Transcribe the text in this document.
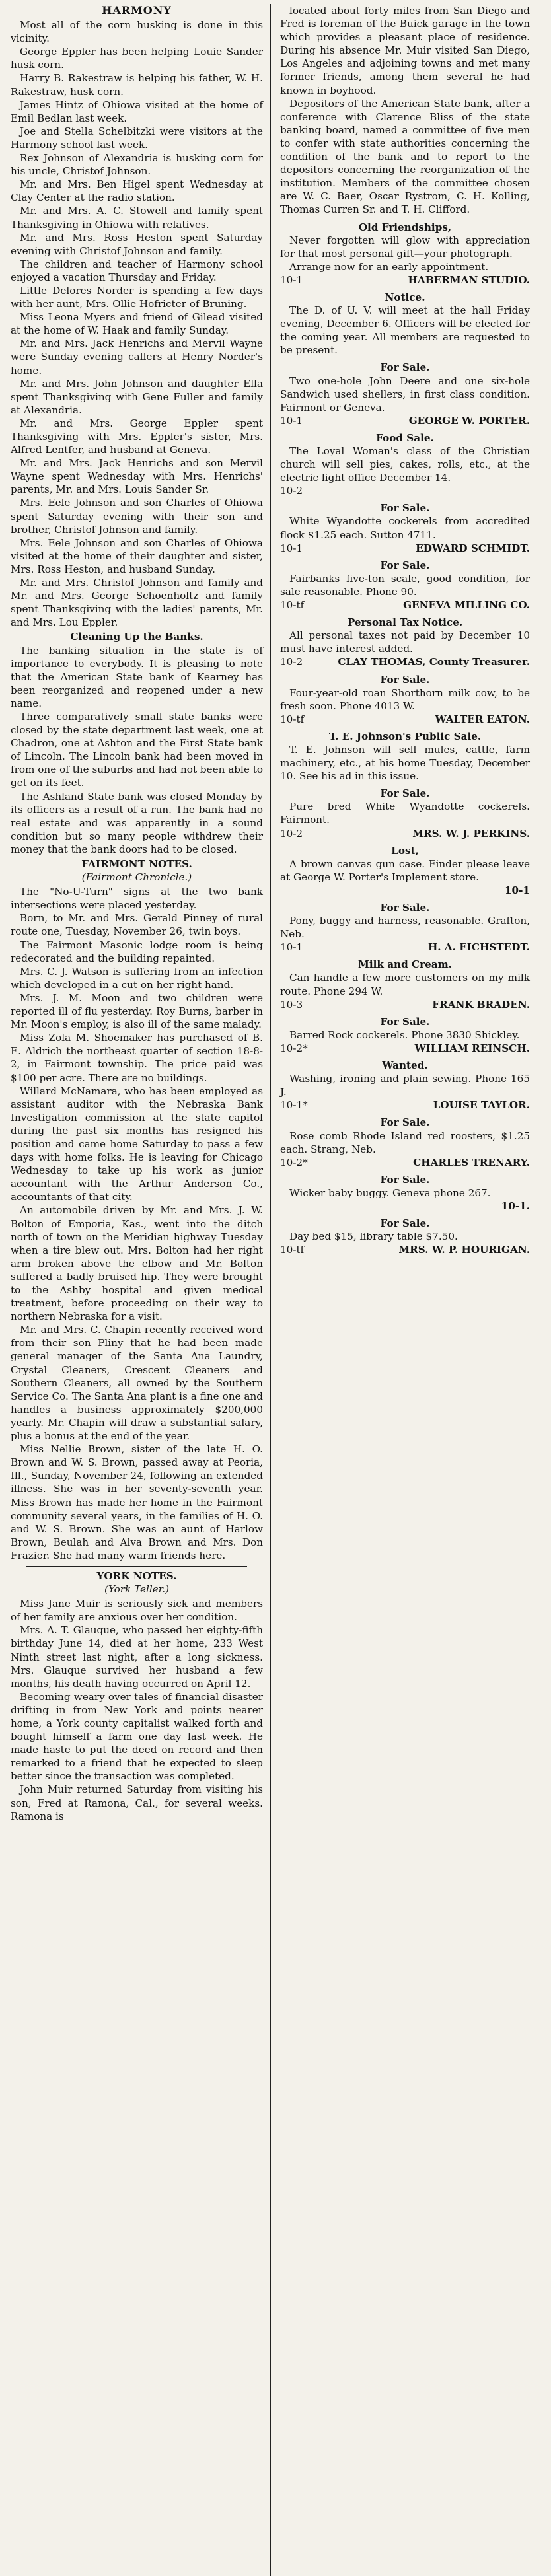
HARMONY

Most all of the corn husking is done in this vicinity.

George Eppler has been helping Louie Sander husk corn.

Harry B. Rakestraw is helping his father, W. H. Rakestraw, husk corn.

James Hintz of Ohiowa visited at the home of Emil Bedlan last week.

Joe and Stella Schelbitzki were visitors at the Harmony school last week.

Rex Johnson of Alexandria is husking corn for his uncle, Christof Johnson.

Mr. and Mrs. Ben Higel spent Wednesday at Clay Center at the radio station.

Mr. and Mrs. A. C. Stowell and family spent Thanksgiving in Ohiowa with relatives.

Mr. and Mrs. Ross Heston spent Saturday evening with Christof Johnson and family.

The children and teacher of Harmony school enjoyed a vacation Thursday and Friday.

Little Delores Norder is spending a few days with her aunt, Mrs. Ollie Hofricter of Bruning.

Miss Leona Myers and friend of Gilead visited at the home of W. Haak and family Sunday.

Mr. and Mrs. Jack Henrichs and Mervil Wayne were Sunday evening callers at Henry Norder's home.

Mr. and Mrs. John Johnson and daughter Ella spent Thanksgiving with Gene Fuller and family at Alexandria.

Mr. and Mrs. George Eppler spent Thanksgiving with Mrs. Eppler's sister, Mrs. Alfred Lentfer, and husband at Geneva.

Mr. and Mrs. Jack Henrichs and son Mervil Wayne spent Wednesday with Mrs. Henrichs' parents, Mr. and Mrs. Louis Sander Sr.

Mrs. Eele Johnson and son Charles of Ohiowa spent Saturday evening with their son and brother, Christof Johnson and family.

Mrs. Eele Johnson and son Charles of Ohiowa visited at the home of their daughter and sister, Mrs. Ross Heston, and husband Sunday.

Mr. and Mrs. Christof Johnson and family and Mr. and Mrs. George Schoenholtz and family spent Thanksgiving with the ladies' parents, Mr. and Mrs. Lou Eppler.

Cleaning Up the Banks.

The banking situation in the state is of importance to everybody. It is pleasing to note that the American State bank of Kearney has been reorganized and reopened under a new name.

Three comparatively small state banks were closed by the state department last week, one at Chadron, one at Ashton and the First State bank of Lincoln. The Lincoln bank had been moved in from one of the suburbs and had not been able to get on its feet.

The Ashland State bank was closed Monday by its officers as a result of a run. The bank had no real estate and was apparently in a sound condition but so many people withdrew their money that the bank doors had to be closed.

FAIRMONT NOTES.
(Fairmont Chronicle.)

The "No-U-Turn" signs at the two bank intersections were placed yesterday.

Born, to Mr. and Mrs. Gerald Pinney of rural route one, Tuesday, November 26, twin boys.

The Fairmont Masonic lodge room is being redecorated and the building repainted.

Mrs. C. J. Watson is suffering from an infection which developed in a cut on her right hand.

Mrs. J. M. Moon and two children were reported ill of flu yesterday. Roy Burns, barber in Mr. Moon's employ, is also ill of the same malady.

Miss Zola M. Shoemaker has purchased of B. E. Aldrich the northeast quarter of section 18-8-2, in Fairmont township. The price paid was $100 per acre. There are no buildings.

Willard McNamara, who has been employed as assistant auditor with the Nebraska Bank Investigation commission at the state capitol during the past six months has resigned his position and came home Saturday to pass a few days with home folks. He is leaving for Chicago Wednesday to take up his work as junior accountant with the Arthur Anderson Co., accountants of that city.

An automobile driven by Mr. and Mrs. J. W. Bolton of Emporia, Kas., went into the ditch north of town on the Meridian highway Tuesday when a tire blew out. Mrs. Bolton had her right arm broken above the elbow and Mr. Bolton suffered a badly bruised hip. They were brought to the Ashby hospital and given medical treatment, before proceeding on their way to northern Nebraska for a visit.

Mr. and Mrs. C. Chapin recently received word from their son Pliny that he had been made general manager of the Santa Ana Laundry, Crystal Cleaners, Crescent Cleaners and Southern Cleaners, all owned by the Southern Service Co. The Santa Ana plant is a fine one and handles a business approximately $200,000 yearly. Mr. Chapin will draw a substantial salary, plus a bonus at the end of the year.

Miss Nellie Brown, sister of the late H. O. Brown and W. S. Brown, passed away at Peoria, Ill., Sunday, November 24, following an extended illness. She was in her seventy-seventh year. Miss Brown has made her home in the Fairmont community several years, in the families of H. O. and W. S. Brown. She was an aunt of Harlow Brown, Beulah and Alva Brown and Mrs. Don Frazier. She had many warm friends here.

YORK NOTES.
(York Teller.)

Miss Jane Muir is seriously sick and members of her family are anxious over her condition.

Mrs. A. T. Glauque, who passed her eighty-fifth birthday June 14, died at her home, 233 West Ninth street last night, after a long sickness. Mrs. Glauque survived her husband a few months, his death having occurred on April 12.

Becoming weary over tales of financial disaster drifting in from New York and points nearer home, a York county capitalist walked forth and bought himself a farm one day last week. He made haste to put the deed on record and then remarked to a friend that he expected to sleep better since the transaction was completed.

John Muir returned Saturday from visiting his son, Fred at Ramona, Cal., for several weeks. Ramona is

located about forty miles from San Diego and Fred is foreman of the Buick garage in the town which provides a pleasant place of residence. During his absence Mr. Muir visited San Diego, Los Angeles and adjoining towns and met many former friends, among them several he had known in boyhood.

Depositors of the American State bank, after a conference with Clarence Bliss of the state banking board, named a committee of five men to confer with state authorities concerning the condition of the bank and to report to the depositors concerning the reorganization of the institution. Members of the committee chosen are W. C. Baer, Oscar Rystrom, C. H. Kolling, Thomas Curren Sr. and T. H. Clifford.

Old Friendships,

Never forgotten will glow with appreciation for that most personal gift—your photograph.

Arrange now for an early appointment.

10-1	HABERMAN STUDIO.
Notice.

The D. of U. V. will meet at the hall Friday evening, December 6. Officers will be elected for the coming year. All members are requested to be present.

For Sale.

Two one-hole John Deere and one six-hole Sandwich used shellers, in first class condition. Fairmont or Geneva.

10-1	GEORGE W. PORTER.
Food Sale.

The Loyal Woman's class of the Christian church will sell pies, cakes, rolls, etc., at the electric light office December 14.

10-2
For Sale.

White Wyandotte cockerels from accredited flock $1.25 each. Sutton 4711.

10-1	EDWARD SCHMIDT.
For Sale.

Fairbanks five-ton scale, good condition, for sale reasonable. Phone 90.

10-tf	GENEVA MILLING CO.
Personal Tax Notice.

All personal taxes not paid by December 10 must have interest added.

10-2	CLAY THOMAS, County Treasurer.
For Sale.

Four-year-old roan Shorthorn milk cow, to be fresh soon. Phone 4013 W.

10-tf	WALTER EATON.
T. E. Johnson's Public Sale.

T. E. Johnson will sell mules, cattle, farm machinery, etc., at his home Tuesday, December 10. See his ad in this issue.

For Sale.

Pure bred White Wyandotte cockerels. Fairmont.

10-2	MRS. W. J. PERKINS.
Lost,

A brown canvas gun case. Finder please leave at George W. Porter's Implement store.

10-1
For Sale.

Pony, buggy and harness, reasonable. Grafton, Neb.

10-1	H. A. EICHSTEDT.
Milk and Cream.

Can handle a few more customers on my milk route. Phone 294 W.

10-3	FRANK BRADEN.
For Sale.

Barred Rock cockerels. Phone 3830 Shickley.

10-2*	WILLIAM REINSCH.
Wanted.

Washing, ironing and plain sewing. Phone 165 J.

10-1*	LOUISE TAYLOR.
For Sale.

Rose comb Rhode Island red roosters, $1.25 each. Strang, Neb.

10-2*	CHARLES TRENARY.
For Sale.

Wicker baby buggy. Geneva phone 267.

10-1.
For Sale.

Day bed $15, library table $7.50.

10-tf	MRS. W. P. HOURIGAN.
